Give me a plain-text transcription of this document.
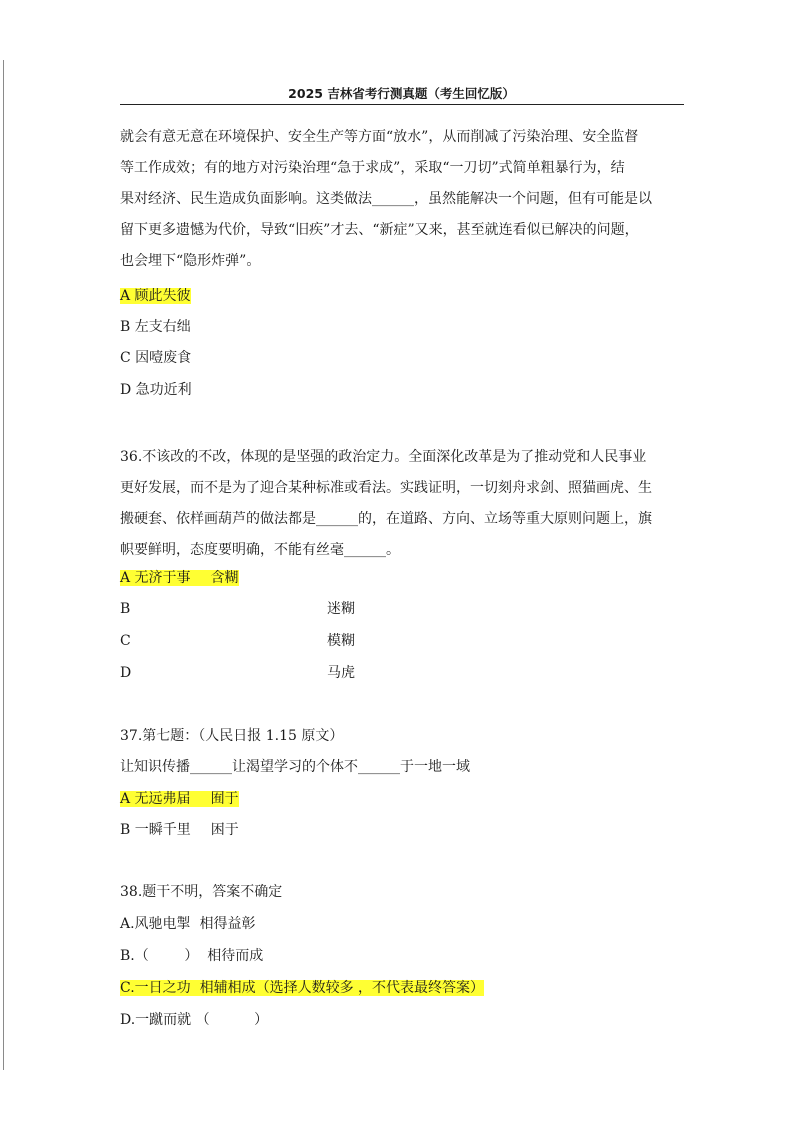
2025 吉林省考行测真题（考生回忆版）
就会有意无意在环境保护、安全生产等方面“放水”，从而削减了污染治理、安全监督
等工作成效；有的地方对污染治理“急于求成”，采取“一刀切”式简单粗暴行为，结
果对经济、民生造成负面影响。这类做法______，虽然能解决一个问题，但有可能是以
留下更多遗憾为代价，导致“旧疾”才去、“新症”又来，甚至就连看似已解决的问题，
也会埋下“隐形炸弹”。
A 顾此失彼
B 左支右绌
C 因噎废食
D 急功近利
36.不该改的不改，体现的是坚强的政治定力。全面深化改革是为了推动党和人民事业
更好发展，而不是为了迎合某种标准或看法。实践证明，一切刻舟求剑、照猫画虎、生
搬硬套、依样画葫芦的做法都是______的，在道路、方向、立场等重大原则问题上，旗
帜要鲜明，态度要明确，不能有丝毫______。
A 无济于事 含糊
B	迷糊
C	模糊
D	马虎
37.第七题：（人民日报 1.15 原文）
让知识传播______让渴望学习的个体不______于一地一域
A 无远弗届 囿于
B 一瞬千里 困于
38.题干不明，答案不确定
A.风驰电掣  相得益彰
B.（        ）  相待而成
C.一日之功  相辅相成（选择人数较多 ，不代表最终答案）
D.一蹴而就 （          ）
